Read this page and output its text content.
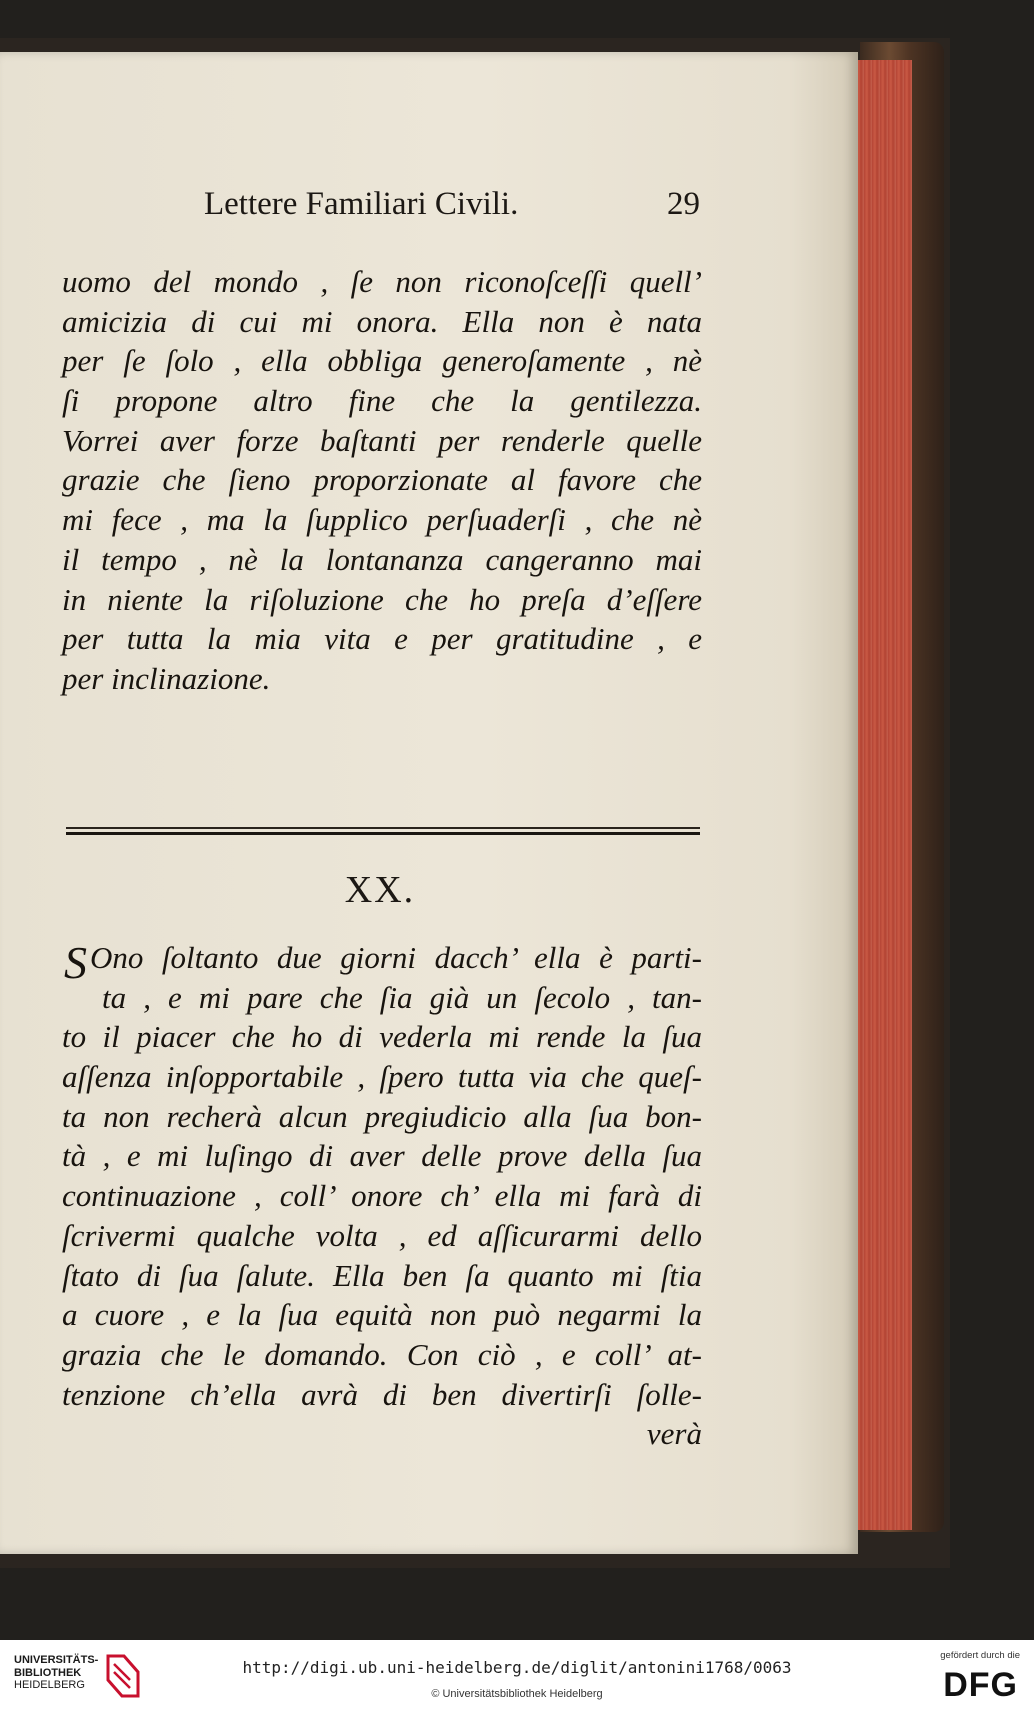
Lettere Familiari Civili.	29
uomo del mondo , ſe non riconoſceſſi quell’
amicizia di cui mi onora. Ella non è nata
per ſe ſolo , ella obbliga generoſamente , nè
ſi propone altro fine che la gentilezza.
Vorrei aver forze baſtanti per renderle quelle
grazie che ſieno proporzionate al favore che
mi fece , ma la ſupplico perſuaderſi , che nè
il tempo , nè la lontananza cangeranno mai
in niente la riſoluzione che ho preſa d’eſſere
per tutta la mia vita e per gratitudine , e
per inclinazione.
XX.
S Ono ſoltanto due giorni dacch’ ella è parti-
ta , e mi pare che ſia già un ſecolo , tan-
to il piacer che ho di vederla mi rende la ſua
aſſenza inſopportabile , ſpero tutta via che queſ-
ta non recherà alcun pregiudicio alla ſua bon-
tà , e mi luſingo di aver delle prove della ſua
continuazione , coll’ onore ch’ ella mi farà di
ſcrivermi qualche volta , ed aſſicurarmi dello
ſtato di ſua ſalute. Ella ben ſa quanto mi ſtia
a cuore , e la ſua equità non può negarmi la
grazia che le domando. Con ciò , e coll’ at-
tenzione ch’ella avrà di ben divertirſi ſolle-
verà
UNIVERSITÄTS-
BIBLIOTHEK
HEIDELBERG
http://digi.ub.uni-heidelberg.de/diglit/antonini1768/0063
© Universitätsbibliothek Heidelberg
gefördert durch die
DFG
